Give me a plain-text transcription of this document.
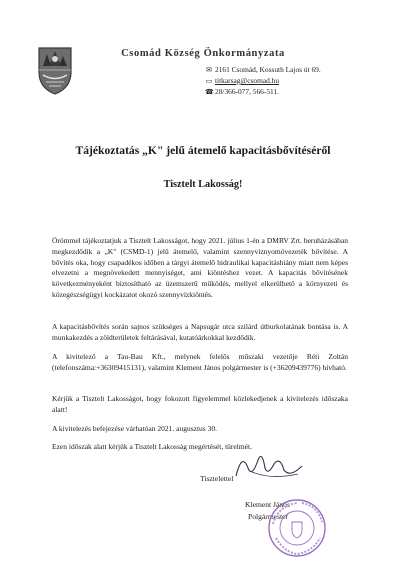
Csomád Község Önkormányzata
✉ 2161 Csomád, Kossuth Lajos út 69.
▭ titkarsag@csomad.hu
☎28/366-077, 566-511.
Tájékoztatás „K" jelű átemelő kapacitásbővítéséről
Tisztelt Lakosság!

Örömmel tájékoztatjuk a Tisztelt Lakosságot, hogy 2021. július 1-én a DMRV Zrt. beruházásában megkezdődik a „K" (CSMD-1) jelű átemelő, valamint szennyvíznyomóvezeték bővítése. A bővítés oka, hogy csapadékos időben a tárgyi átemelő hidraulikai kapacitáshiány miatt nem képes elvezetni a megnövekedett mennyiséget, ami kiöntéshez vezet. A kapacitás bővítésének következményeként biztosítható az üzemszerű működés, mellyel elkerülhető a környezeti és közegészségügyi kockázatot okozó szennyvízkiöntés.

A kapacitásbővítés során sajnos szükséges a Napsugár utca szilárd útburkolatának bontása is. A munkakezdés a zöldterületek feltárásával, kutatóárkokkal kezdődik.

A kivitelező a Tau-Bau Kft., melynek felelős műszaki vezetője Réti Zoltán (telefonszáma:+36309415131), valamint Klement János polgármester is (+36209439776) hívható.

Kérjük a Tisztelt Lakosságot, hogy fokozott figyelemmel közlekedjenek a kivitelezés időszaka alatt!

A kivitelezés befejezése várhatóan 2021. augusztus 30.

Ezen időszak alatt kérjük a Tisztelt Lakosság megértését, türelmét.

Tisztelettel
Klement János
Polgármester
